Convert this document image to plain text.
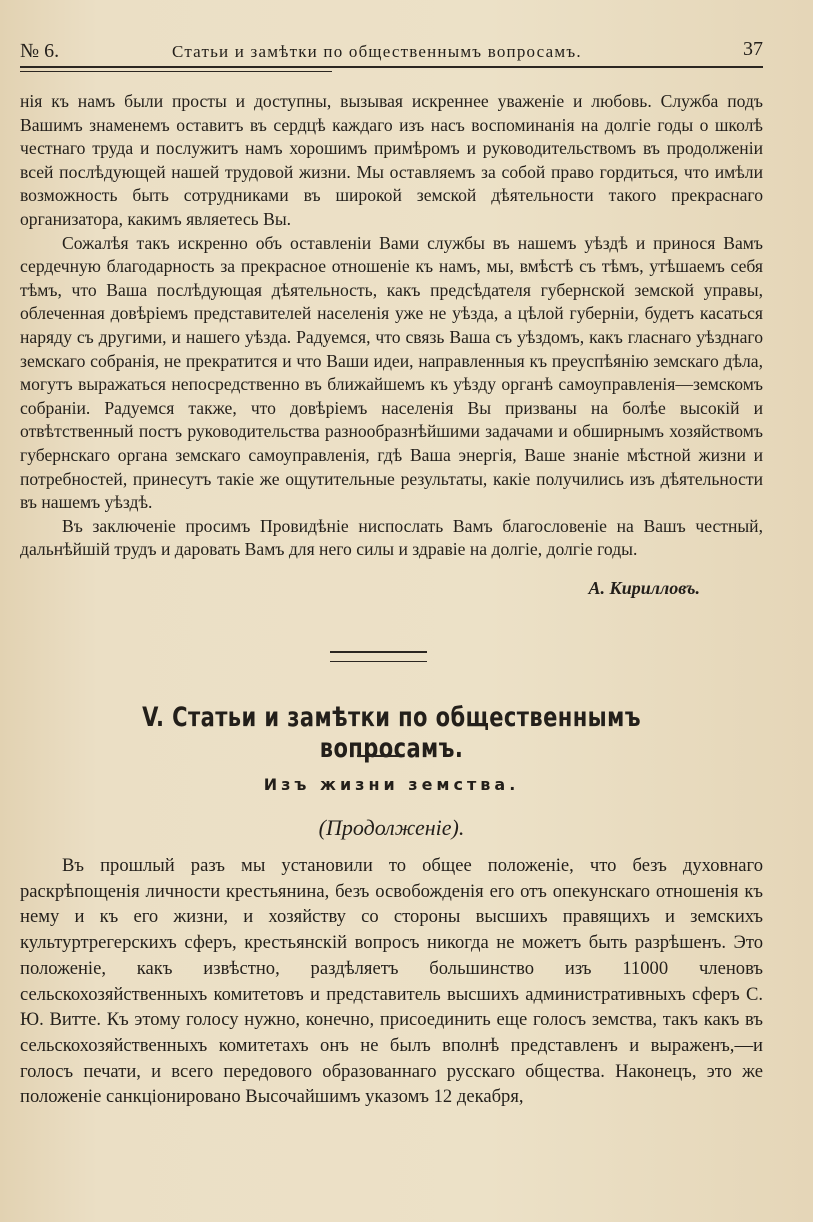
№ 6.	Статьи и замѣтки по общественнымъ вопросамъ.	37

нія къ намъ были просты и доступны, вызывая искреннее уваженіе и любовь. Служба подъ Вашимъ знаменемъ оставитъ въ сердцѣ каждаго изъ насъ воспоминанія на долгіе годы о школѣ честнаго труда и послужитъ намъ хорошимъ примѣромъ и руководительствомъ въ продолженіи всей послѣдующей нашей трудовой жизни. Мы оставляемъ за собой право гордиться, что имѣли возможность быть сотрудниками въ широкой земской дѣятельности такого прекраснаго организатора, какимъ являетесь Вы.

Сожалѣя такъ искренно объ оставленіи Вами службы въ нашемъ уѣздѣ и принося Вамъ сердечную благодарность за прекрасное отношеніе къ намъ, мы, вмѣстѣ съ тѣмъ, утѣшаемъ себя тѣмъ, что Ваша послѣдующая дѣятельность, какъ предсѣдателя губернской земской управы, облеченная довѣріемъ представителей населенія уже не уѣзда, а цѣлой губерніи, будетъ касаться наряду съ другими, и нашего уѣзда. Радуемся, что связь Ваша съ уѣздомъ, какъ гласнаго уѣзднаго земскаго собранія, не прекратится и что Ваши идеи, направленныя къ преуспѣянію земскаго дѣла, могутъ выражаться непосредственно въ ближайшемъ къ уѣзду органѣ самоуправленія—земскомъ собраніи. Радуемся также, что довѣріемъ населенія Вы призваны на болѣе высокій и отвѣтственный постъ руководительства разнообразнѣйшими задачами и обширнымъ хозяйствомъ губернскаго органа земскаго самоуправленія, гдѣ Ваша энергія, Ваше знаніе мѣстной жизни и потребностей, принесутъ такіе же ощутительные результаты, какіе получились изъ дѣятельности въ нашемъ уѣздѣ.

Въ заключеніе просимъ Провидѣніе ниспослать Вамъ благословеніе на Вашъ честный, дальнѣйшій трудъ и даровать Вамъ для него силы и здравіе на долгіе, долгіе годы.

А. Кирилловъ.
V. Статьи и замѣтки по общественнымъ вопросамъ.
Изъ жизни земства.
(Продолженіе).

Въ прошлый разъ мы установили то общее положеніе, что безъ духовнаго раскрѣпощенія личности крестьянина, безъ освобожденія его отъ опекунскаго отношенія къ нему и къ его жизни, и хозяйству со стороны высшихъ правящихъ и земскихъ культуртрегерскихъ сферъ, крестьянскій вопросъ никогда не можетъ быть разрѣшенъ. Это положеніе, какъ извѣстно, раздѣляетъ большинство изъ 11000 членовъ сельскохозяйственныхъ комитетовъ и представитель высшихъ административныхъ сферъ С. Ю. Витте. Къ этому голосу нужно, конечно, присоединить еще голосъ земства, такъ какъ въ сельскохозяйственныхъ комитетахъ онъ не былъ вполнѣ представленъ и выраженъ,—и голосъ печати, и всего передового образованнаго русскаго общества. Наконецъ, это же положеніе санкціонировано Высочайшимъ указомъ 12 декабря,
